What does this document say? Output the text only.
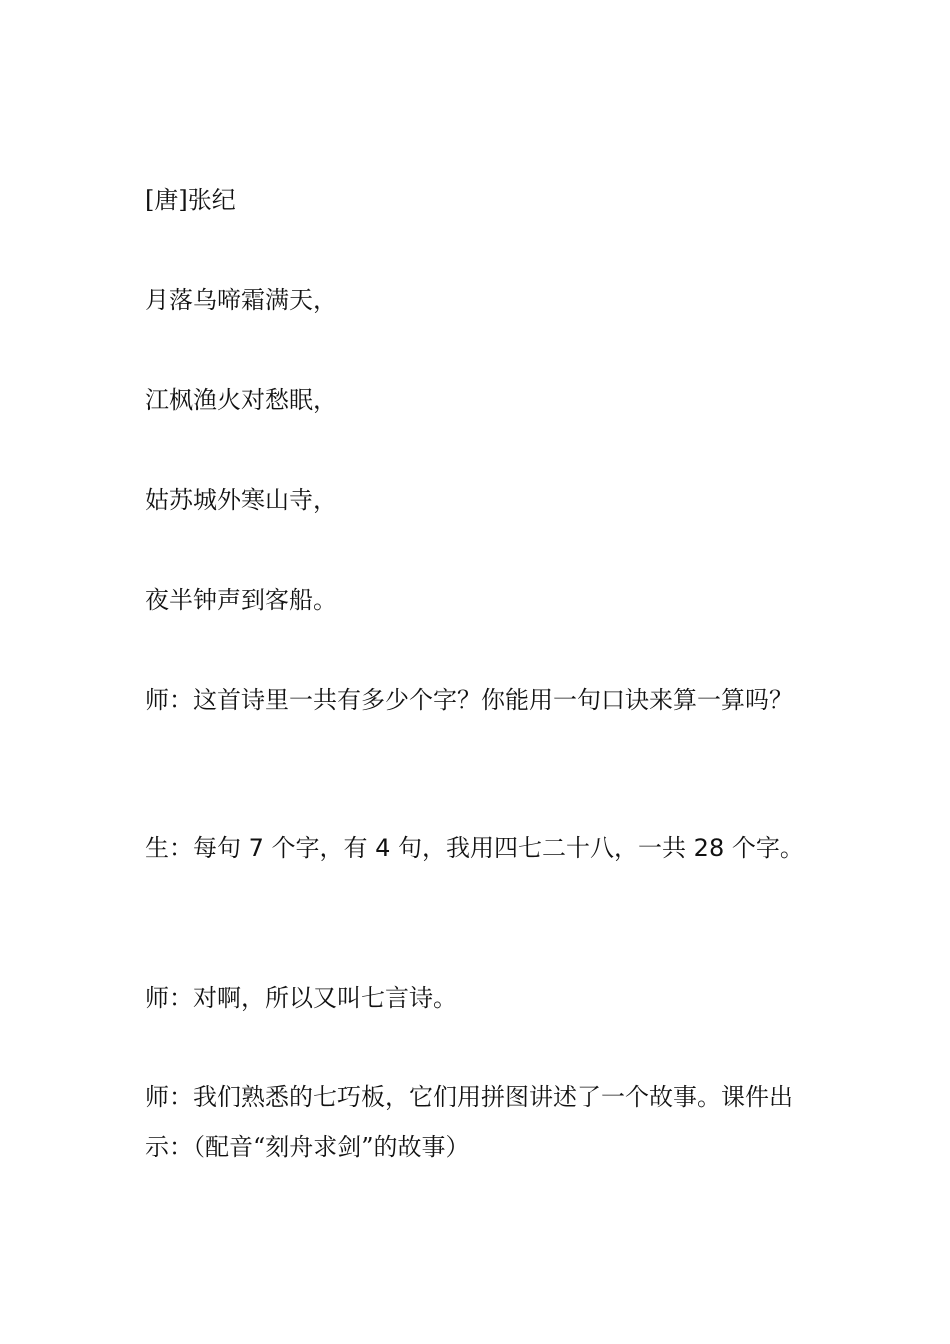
[唐]张纪

月落乌啼霜满天，

江枫渔火对愁眠，

姑苏城外寒山寺，

夜半钟声到客船。

师：这首诗里一共有多少个字？你能用一句口诀来算一算吗？

生：每句 7 个字，有 4 句，我用四七二十八，一共 28 个字。

师：对啊，所以又叫七言诗。

师：我们熟悉的七巧板，它们用拼图讲述了一个故事。课件出示：（配音“刻舟求剑”的故事）
